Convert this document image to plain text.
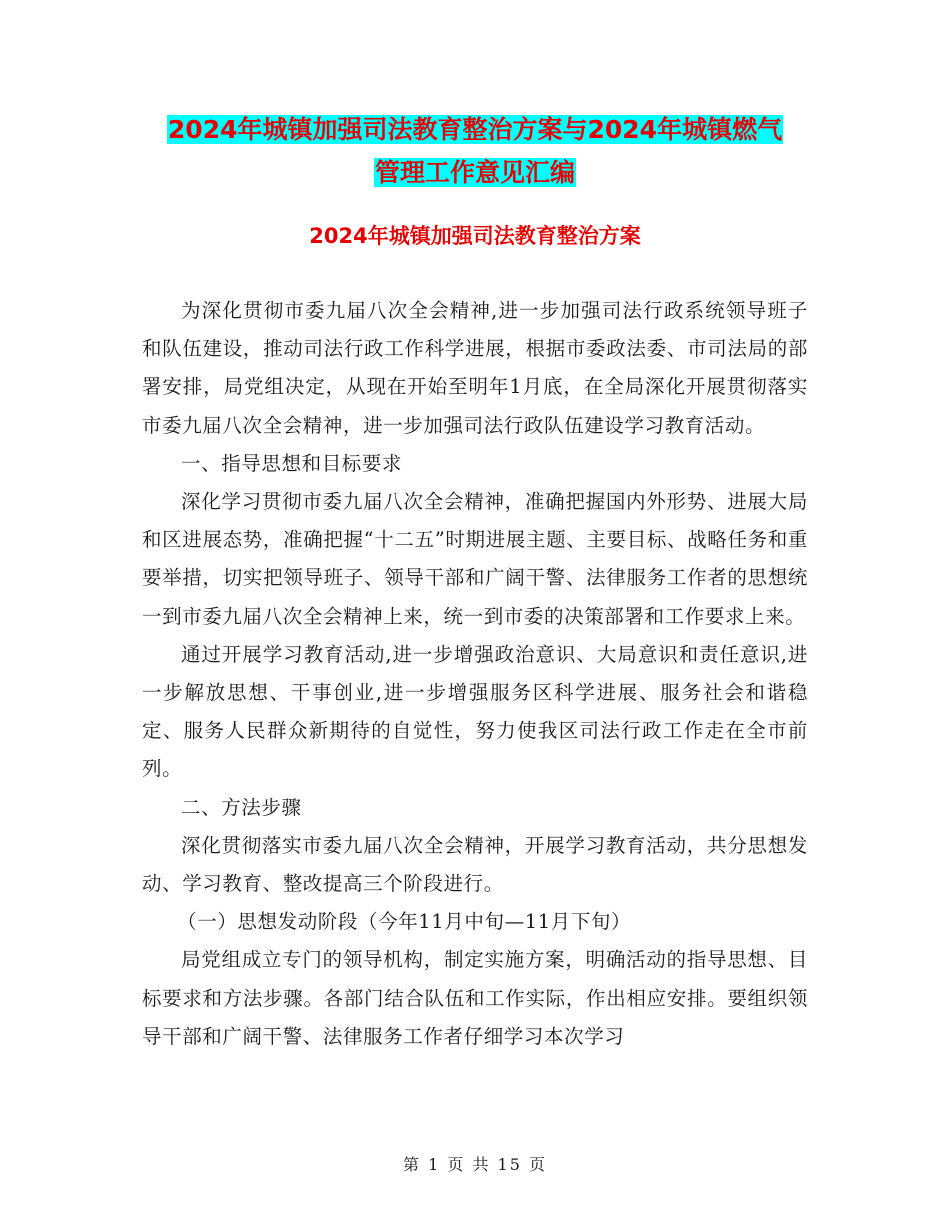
2024年城镇加强司法教育整治方案与2024年城镇燃气
管理工作意见汇编
2024年城镇加强司法教育整治方案

为深化贯彻市委九届八次全会精神,进一步加强司法行政系统领导班子和队伍建设，推动司法行政工作科学进展，根据市委政法委、市司法局的部署安排，局党组决定，从现在开始至明年1月底，在全局深化开展贯彻落实市委九届八次全会精神，进一步加强司法行政队伍建设学习教育活动。

一、指导思想和目标要求

深化学习贯彻市委九届八次全会精神，准确把握国内外形势、进展大局和区进展态势，准确把握“十二五”时期进展主题、主要目标、战略任务和重要举措，切实把领导班子、领导干部和广阔干警、法律服务工作者的思想统一到市委九届八次全会精神上来，统一到市委的决策部署和工作要求上来。

通过开展学习教育活动,进一步增强政治意识、大局意识和责任意识,进一步解放思想、干事创业,进一步增强服务区科学进展、服务社会和谐稳定、服务人民群众新期待的自觉性，努力使我区司法行政工作走在全市前列。

二、方法步骤

深化贯彻落实市委九届八次全会精神，开展学习教育活动，共分思想发动、学习教育、整改提高三个阶段进行。

（一）思想发动阶段（今年11月中旬—11月下旬）

局党组成立专门的领导机构，制定实施方案，明确活动的指导思想、目标要求和方法步骤。各部门结合队伍和工作实际，作出相应安排。要组织领导干部和广阔干警、法律服务工作者仔细学习本次学习

第 1 页 共 15 页
